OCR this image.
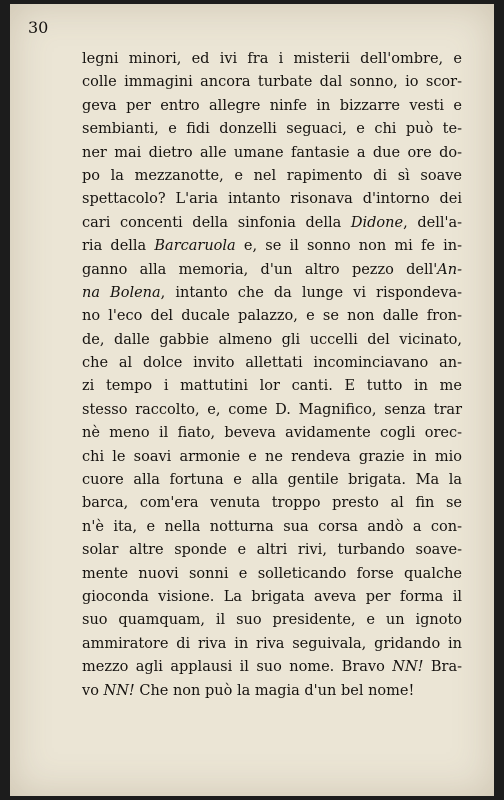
30
legni minori, ed ivi fra i misterii dell'ombre, e
colle immagini ancora turbate dal sonno, io scor-
geva per entro allegre ninfe in bizzarre vesti e
sembianti, e fidi donzelli seguaci, e chi può te-
ner mai dietro alle umane fantasie a due ore do-
po la mezzanotte, e nel rapimento di sì soave
spettacolo? L'aria intanto risonava d'intorno dei
cari concenti della sinfonia della Didone, dell'a-
ria della Barcaruola e, se il sonno non mi fe in-
ganno alla memoria, d'un altro pezzo dell'An-
na Bolena, intanto che da lunge vi rispondeva-
no l'eco del ducale palazzo, e se non dalle fron-
de, dalle gabbie almeno gli uccelli del vicinato,
che al dolce invito allettati incominciavano an-
zi tempo i mattutini lor canti. E tutto in me
stesso raccolto, e, come D. Magnifico, senza trar
nè meno il fiato, beveva avidamente cogli orec-
chi le soavi armonie e ne rendeva grazie in mio
cuore alla fortuna e alla gentile brigata. Ma la
barca, com'era venuta troppo presto al fin se
n'è ita, e nella notturna sua corsa andò a con-
solar altre sponde e altri rivi, turbando soave-
mente nuovi sonni e solleticando forse qualche
gioconda visione. La brigata aveva per forma il
suo quamquam, il suo presidente, e un ignoto
ammiratore di riva in riva seguivala, gridando in
mezzo agli applausi il suo nome. Bravo NN! Bra-
vo NN! Che non può la magia d'un bel nome!
